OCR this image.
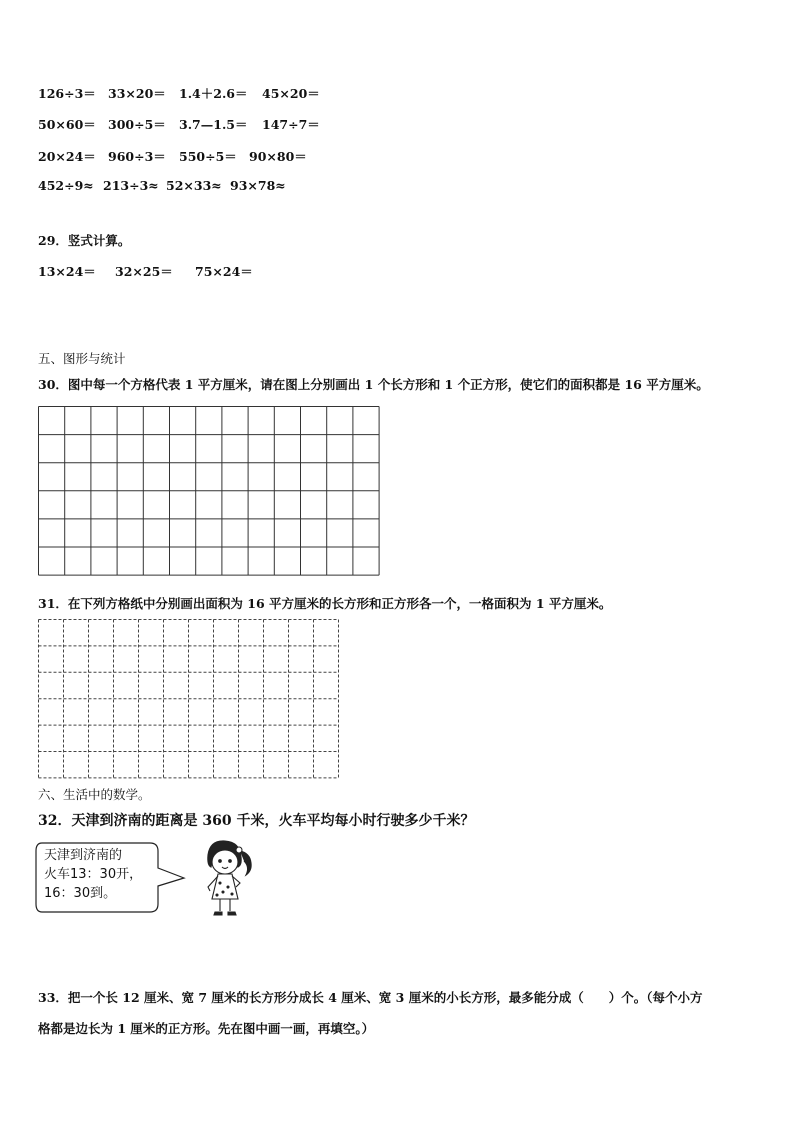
126÷3＝ 33×20＝ 1.4＋2.6＝ 45×20＝
50×60＝ 300÷5＝ 3.7—1.5＝ 147÷7＝
20×24＝ 960÷3＝ 550÷5＝ 90×80＝
452÷9≈ 213÷3≈ 52×33≈ 93×78≈
29．竖式计算。
13×24＝ 32×25＝ 75×24＝
五、图形与统计
30．图中每一个方格代表 1 平方厘米，请在图上分别画出 1 个长方形和 1 个正方形，使它们的面积都是 16 平方厘米。
31．在下列方格纸中分别画出面积为 16 平方厘米的长方形和正方形各一个，一格面积为 1 平方厘米。
六、生活中的数学。
32．天津到济南的距离是 360 千米，火车平均每小时行驶多少千米？
天津到济南的
火车13：30开，
16：30到。
33．把一个长 12 厘米、宽 7 厘米的长方形分成长 4 厘米、宽 3 厘米的小长方形，最多能分成（　　）个。（每个小方
格都是边长为 1 厘米的正方形。先在图中画一画，再填空。）
